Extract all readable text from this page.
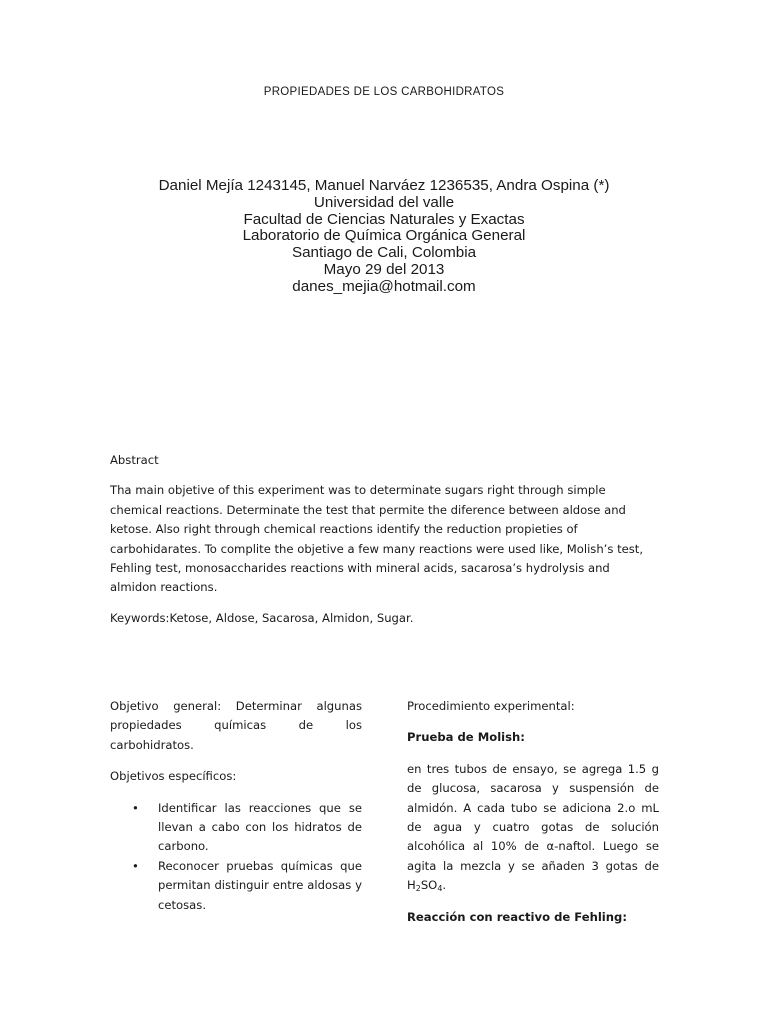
PROPIEDADES DE LOS CARBOHIDRATOS
Daniel Mejía 1243145, Manuel Narváez 1236535, Andra Ospina (*)
Universidad del valle
Facultad de Ciencias Naturales y Exactas
Laboratorio de Química Orgánica General
Santiago de Cali, Colombia
Mayo 29 del 2013
danes_mejia@hotmail.com
Abstract
Tha main objetive of this experiment was to determinate sugars right through simple chemical reactions. Determinate the test that permite the diference between aldose and ketose. Also right through chemical reactions identify the reduction propieties of carbohidarates. To complite the objetive a few many reactions were used like, Molish’s test, Fehling test, monosaccharides reactions with mineral acids, sacarosa’s hydrolysis and almidon reactions.
Keywords:Ketose, Aldose, Sacarosa, Almidon, Sugar.
Objetivo general: Determinar algunas propiedades químicas de los carbohidratos.
Objetivos específicos:
• Identificar las reacciones que se llevan a cabo con los hidratos de carbono.
• Reconocer pruebas químicas que permitan distinguir entre aldosas y cetosas.
Procedimiento experimental:
Prueba de Molish:
en tres tubos de ensayo, se agrega 1.5 g de glucosa, sacarosa y suspensión de almidón. A cada tubo se adiciona 2.o mL de agua y cuatro gotas de solución alcohólica al 10% de α-naftol. Luego se agita la mezcla y se añaden 3 gotas de $H_2SO_4$.
Reacción con reactivo de Fehling:
